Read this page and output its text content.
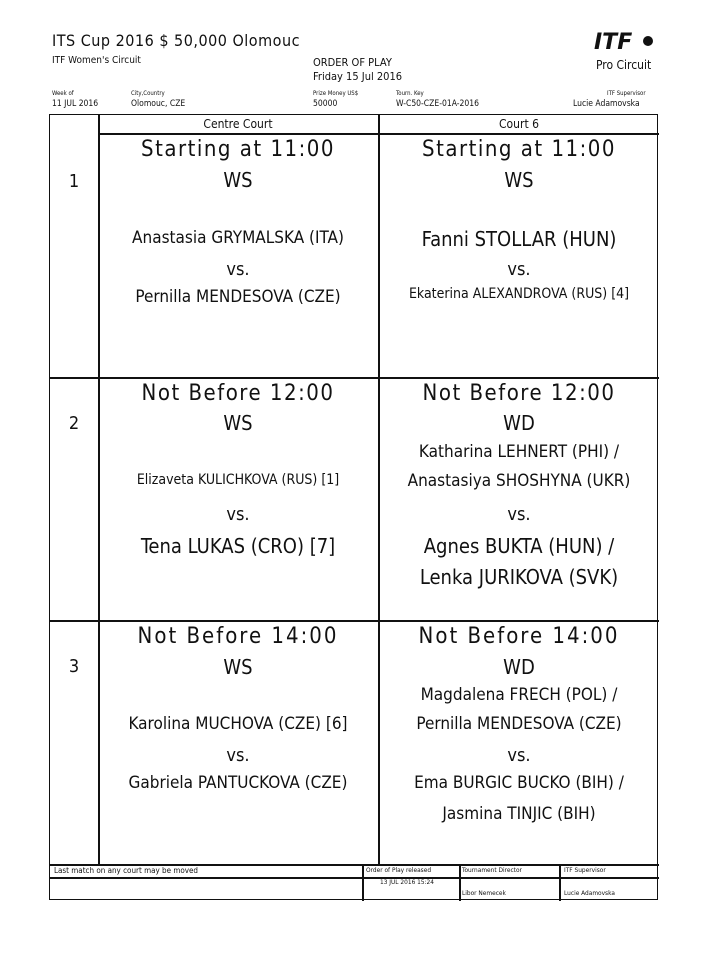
ITS Cup 2016 $ 50,000 Olomouc
ITF Women's Circuit	ORDER OF PLAY
Friday 15 Jul 2016
ITF
Pro Circuit
Week of
11 JUL 2016
City,Country
Olomouc, CZE
Prize Money US$
50000
Tourn. Key
W-C50-CZE-01A-2016
ITF Supervisor
Lucie Adamovska
Centre Court	Court 6
1
Starting at 11:00
WS
Anastasia GRYMALSKA (ITA)
vs.
Pernilla MENDESOVA (CZE)
Starting at 11:00
WS
Fanni STOLLAR (HUN)
vs.
Ekaterina ALEXANDROVA (RUS) [4]
2
Not Before 12:00
WS
Elizaveta KULICHKOVA (RUS) [1]
vs.
Tena LUKAS (CRO) [7]
Not Before 12:00
WD
Katharina LEHNERT (PHI) /
Anastasiya SHOSHYNA (UKR)
vs.
Agnes BUKTA (HUN) /
Lenka JURIKOVA (SVK)
3
Not Before 14:00
WS
Karolina MUCHOVA (CZE) [6]
vs.
Gabriela PANTUCKOVA (CZE)
Not Before 14:00
WD
Magdalena FRECH (POL) /
Pernilla MENDESOVA (CZE)
vs.
Ema BURGIC BUCKO (BIH) /
Jasmina TINJIC (BIH)
Last match on any court may be moved	Order of Play released
13 JUL 2016 15:24
Tournament Director
Libor Nemecek
ITF Supervisor
Lucie Adamovska
